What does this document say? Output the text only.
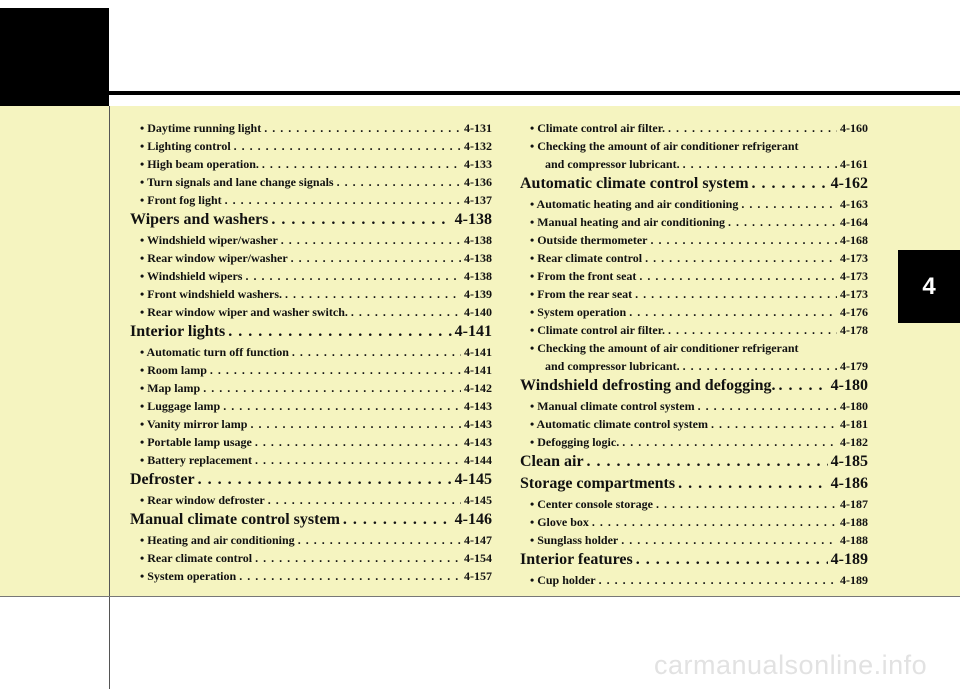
4
• Daytime running light . . .	4-131
• Lighting control . . .	4-132
• High beam operation. . . .	4-133
• Turn signals and lane change signals . . .	4-136
• Front fog light . . .	4-137
Wipers and washers . . .	4-138
• Windshield wiper/washer . . .	4-138
• Rear window wiper/washer . . .	4-138
• Windshield wipers . . .	4-138
• Front windshield washers. . . .	4-139
• Rear window wiper and washer switch. . . .	4-140
Interior lights . . .	4-141
• Automatic turn off function . . .	4-141
• Room lamp . . .	4-141
• Map lamp . . .	4-142
• Luggage lamp . . .	4-143
• Vanity mirror lamp . . .	4-143
• Portable lamp usage . . .	4-143
• Battery replacement . . .	4-144
Defroster . . .	4-145
• Rear window defroster . . .	4-145
Manual climate control system . . .	4-146
• Heating and air conditioning . . .	4-147
• Rear climate control . . .	4-154
• System operation . . .	4-157
• Climate control air filter. . . .	4-160
• Checking the amount of air conditioner refrigerant
and compressor lubricant. . . .	4-161
Automatic climate control system . . .	4-162
• Automatic heating and air conditioning . . .	4-163
• Manual heating and air conditioning . . .	4-164
• Outside thermometer . . .	4-168
• Rear climate control . . .	4-173
• From the front seat . . .	4-173
• From the rear seat . . .	4-173
• System operation . . .	4-176
• Climate control air filter. . . .	4-178
• Checking the amount of air conditioner refrigerant
and compressor lubricant. . . .	4-179
Windshield defrosting and defogging. . . .	4-180
• Manual climate control system . . .	4-180
• Automatic climate control system . . .	4-181
• Defogging logic. . . .	4-182
Clean air . . .	4-185
Storage compartments . . .	4-186
• Center console storage . . .	4-187
• Glove box . . .	4-188
• Sunglass holder . . .	4-188
Interior features . . .	4-189
• Cup holder . . .	4-189
carmanualsonline.info
